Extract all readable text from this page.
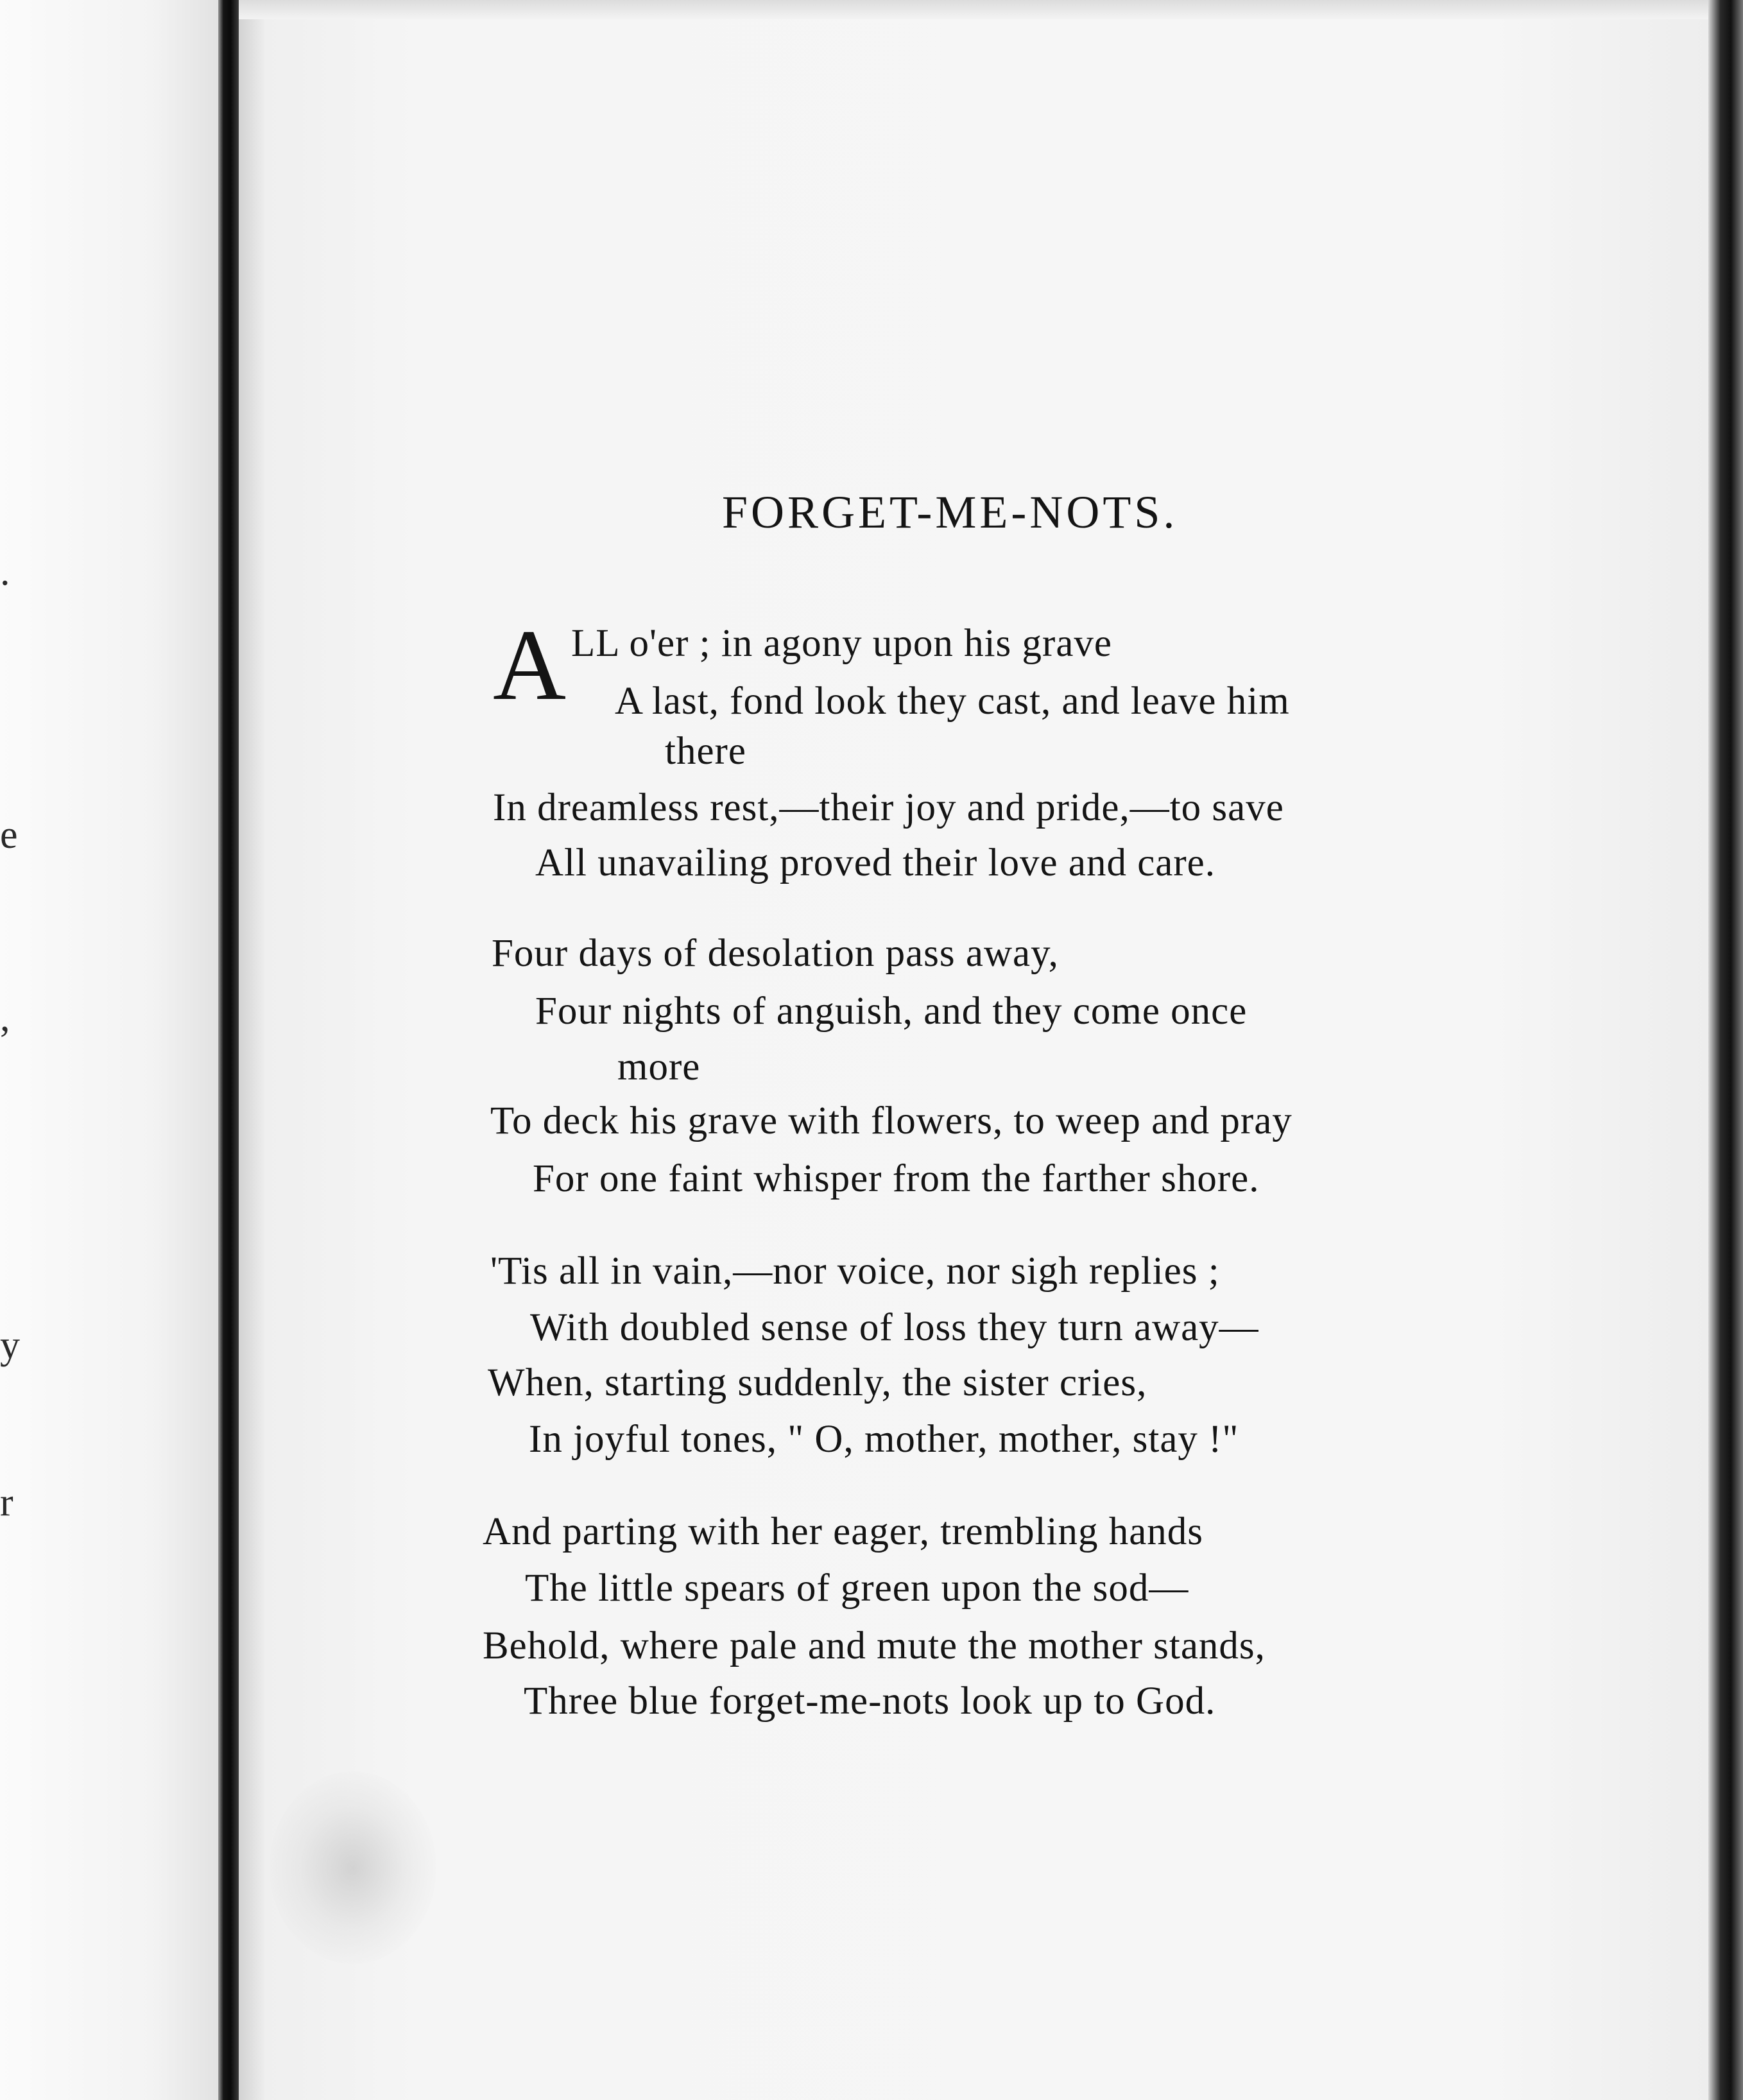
.
e
,
y
r
FORGET-ME-NOTS.
A LL o'er ; in agony upon his grave
A last, fond look they cast, and leave him
there
In dreamless rest,—their joy and pride,—to save
All unavailing proved their love and care.
Four days of desolation pass away,
Four nights of anguish, and they come once
more
To deck his grave with flowers, to weep and pray
For one faint whisper from the farther shore.
'Tis all in vain,—nor voice, nor sigh replies ;
With doubled sense of loss they turn away—
When, starting suddenly, the sister cries,
In joyful tones, " O, mother, mother, stay !"
And parting with her eager, trembling hands
The little spears of green upon the sod—
Behold, where pale and mute the mother stands,
Three blue forget-me-nots look up to God.
